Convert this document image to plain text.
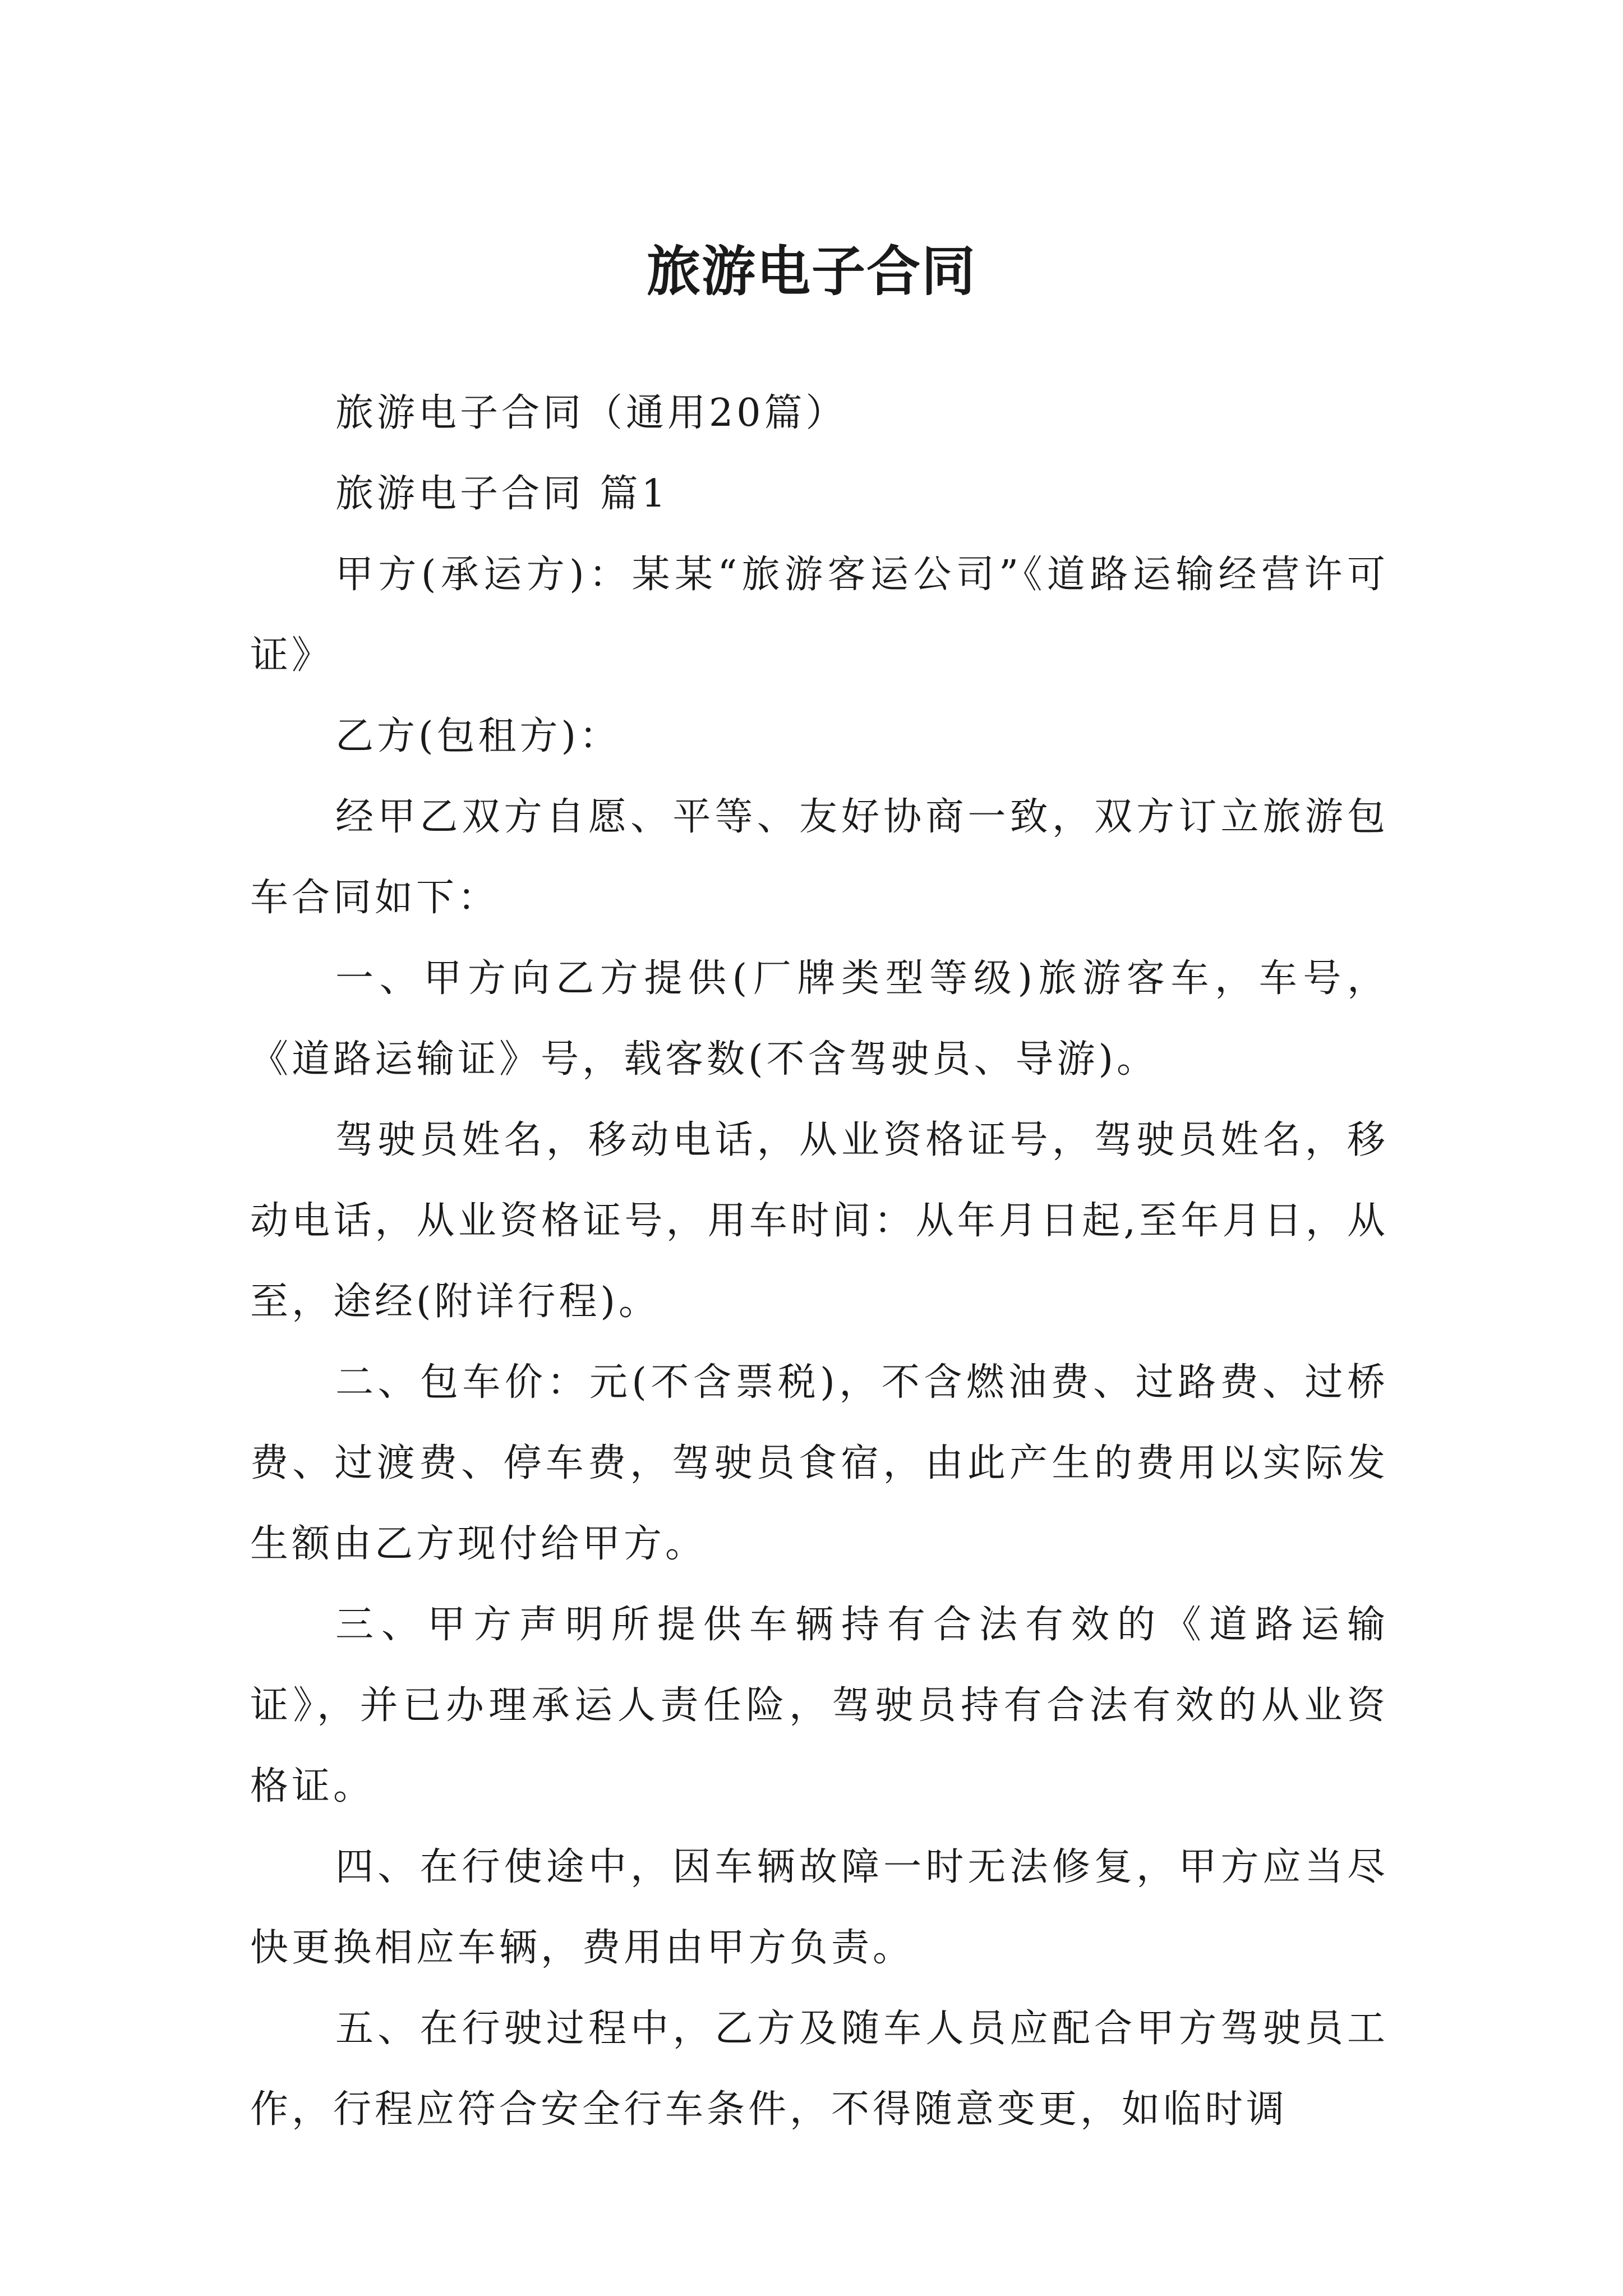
旅游电子合同

旅游电子合同（通用20篇）

旅游电子合同 篇1

甲方(承运方)：某某“旅游客运公司”《道路运输经营许可证》

乙方(包租方)：

经甲乙双方自愿、平等、友好协商一致，双方订立旅游包车合同如下：

一、甲方向乙方提供(厂牌类型等级)旅游客车，车号，《道路运输证》号，载客数(不含驾驶员、导游)。

驾驶员姓名，移动电话，从业资格证号，驾驶员姓名，移动电话，从业资格证号，用车时间：从年月日起,至年月日，从至，途经(附详行程)。

二、包车价：元(不含票税)，不含燃油费、过路费、过桥费、过渡费、停车费，驾驶员食宿，由此产生的费用以实际发生额由乙方现付给甲方。

三、甲方声明所提供车辆持有合法有效的《道路运输证》，并已办理承运人责任险，驾驶员持有合法有效的从业资格证。

四、在行使途中，因车辆故障一时无法修复，甲方应当尽快更换相应车辆，费用由甲方负责。

五、在行驶过程中，乙方及随车人员应配合甲方驾驶员工作，行程应符合安全行车条件，不得随意变更，如临时调
